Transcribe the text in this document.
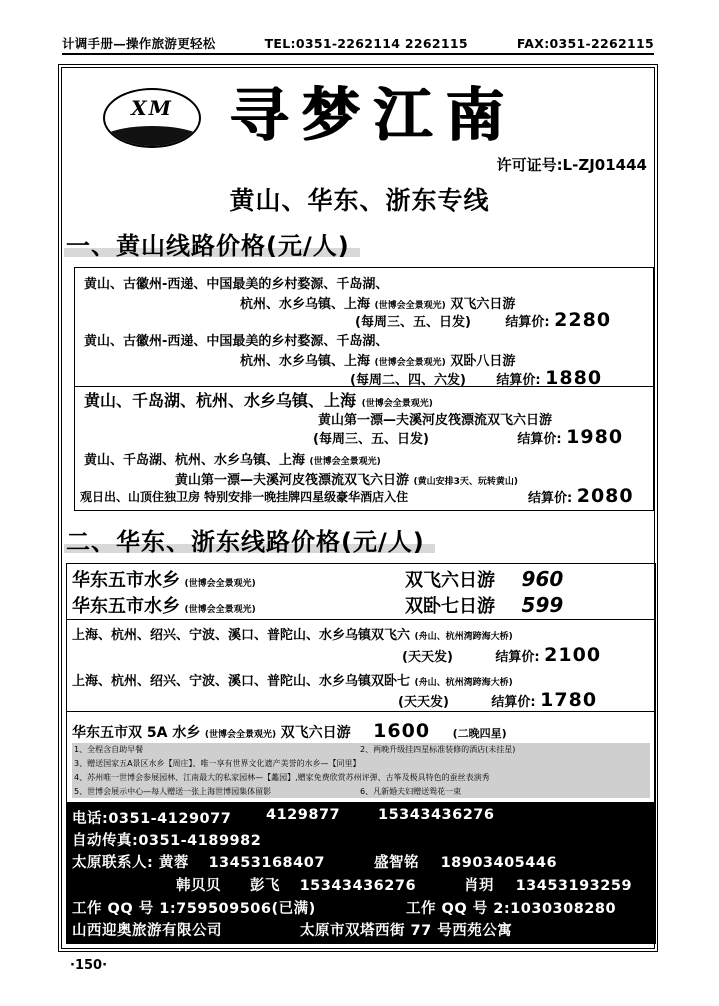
计调手册—操作旅游更轻松	TEL:0351-2262114 2262115	FAX:0351-2262115
XM 寻梦江南
许可证号:L-ZJ01444
黄山、华东、浙东专线
一、黄山线路价格(元/人)
黄山、古徽州-西递、中国最美的乡村婺源、千岛湖、
杭州、水乡乌镇、上海 (世博会全景观光) 双飞六日游
(每周三、五、日发)	结算价: 2280
黄山、古徽州-西递、中国最美的乡村婺源、千岛湖、
杭州、水乡乌镇、上海 (世博会全景观光) 双卧八日游
(每周二、四、六发) 结算价: 1880
黄山、千岛湖、杭州、水乡乌镇、上海 (世博会全景观光)
黄山第一漂—夫溪河皮筏漂流双飞六日游
(每周三、五、日发)	结算价: 1980
黄山、千岛湖、杭州、水乡乌镇、上海 (世博会全景观光)
黄山第一漂—夫溪河皮筏漂流双飞六日游 (黄山安排3天、玩转黄山)
观日出、山顶住独卫房 特别安排一晚挂牌四星级豪华酒店入住	结算价: 2080
二、华东、浙东线路价格(元/人)
华东五市水乡 (世博会全景观光)	双飞六日游 960
华东五市水乡 (世博会全景观光)	双卧七日游 599
上海、杭州、绍兴、宁波、溪口、普陀山、水乡乌镇双飞六 (舟山、杭州湾跨海大桥)
(天天发)	结算价: 2100
上海、杭州、绍兴、宁波、溪口、普陀山、水乡乌镇双卧七 (舟山、杭州湾跨海大桥)
(天天发)	结算价: 1780
华东五市双 5A 水乡 (世博会全景观光) 双飞六日游 1600 (二晚四星)
1、全程含自助早餐	2、两晚升级挂四星标准装修的酒店(未挂星)
3、赠送国家五A景区水乡【周庄】、唯一享有世界文化遗产美誉的水乡—【同里】
4、苏州唯一世博会参展园林、江南最大的私家园林—【蠡园】,赠家免费欣赏苏州评弹、古筝及极具特色的蚕丝表演秀
5、世博会展示中心—每人赠送一张上海世博园集体留影	6、凡新婚夫妇赠送鸳花一束
电话:0351-4129077 4129877	15343436276
自动传真:0351-4189982
太原联系人: 黄蓉 13453168407	盛智铭 18903405446
韩贝贝 彭飞 15343436276	肖玥 13453193259
工作 QQ 号 1:759509506(已满)	工作 QQ 号 2:1030308280
山西迎奥旅游有限公司	太原市双塔西街 77 号西苑公寓
·150·
